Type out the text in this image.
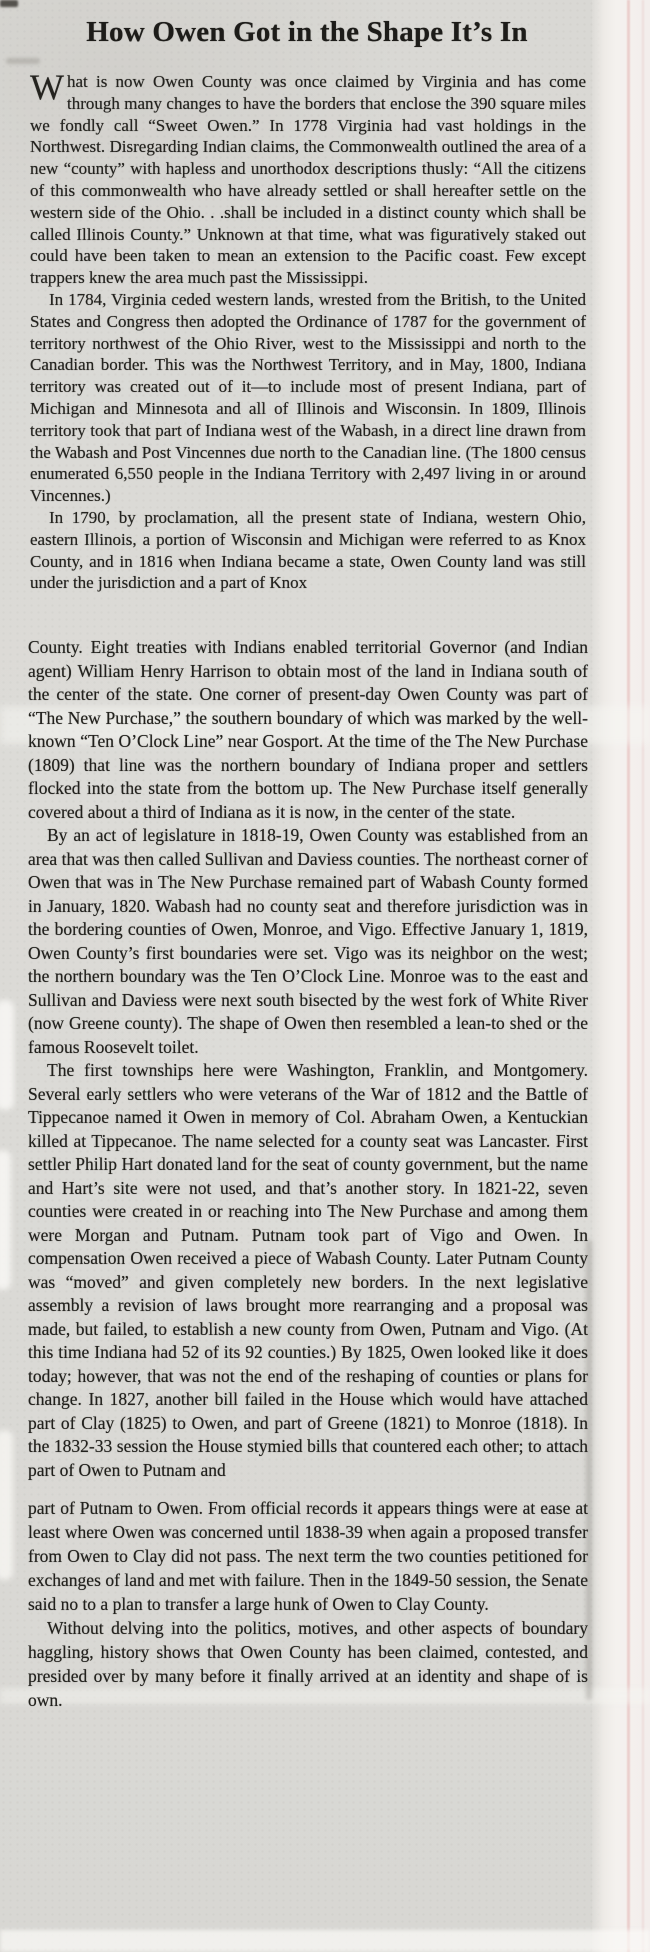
How Owen Got in the Shape It’s In

What is now Owen County was once claimed by Virginia and has come through many changes to have the borders that enclose the 390 square miles we fondly call “Sweet Owen.” In 1778 Virginia had vast holdings in the Northwest. Disregarding Indian claims, the Commonwealth outlined the area of a new “county” with hapless and unorthodox descriptions thusly: “All the citizens of this commonwealth who have already settled or shall hereafter settle on the western side of the Ohio. . .shall be included in a distinct county which shall be called Illinois County.” Unknown at that time, what was figuratively staked out could have been taken to mean an extension to the Pacific coast. Few except trappers knew the area much past the Mississippi.

In 1784, Virginia ceded western lands, wrested from the British, to the United States and Congress then adopted the Ordinance of 1787 for the government of territory northwest of the Ohio River, west to the Mississippi and north to the Canadian border. This was the Northwest Territory, and in May, 1800, Indiana territory was created out of it—to include most of present Indiana, part of Michigan and Minnesota and all of Illinois and Wisconsin. In 1809, Illinois territory took that part of Indiana west of the Wabash, in a direct line drawn from the Wabash and Post Vincennes due north to the Canadian line. (The 1800 census enumerated 6,550 people in the Indiana Territory with 2,497 living in or around Vincennes.)

In 1790, by proclamation, all the present state of Indiana, western Ohio, eastern Illinois, a portion of Wisconsin and Michigan were referred to as Knox County, and in 1816 when Indiana became a state, Owen County land was still under the jurisdiction and a part of Knox

County. Eight treaties with Indians enabled territorial Governor (and Indian agent) William Henry Harrison to obtain most of the land in Indiana south of the center of the state. One corner of present-day Owen County was part of “The New Purchase,” the southern boundary of which was marked by the well-known “Ten O’Clock Line” near Gosport. At the time of the The New Purchase (1809) that line was the northern boundary of Indiana proper and settlers flocked into the state from the bottom up. The New Purchase itself generally covered about a third of Indiana as it is now, in the center of the state.

By an act of legislature in 1818-19, Owen County was established from an area that was then called Sullivan and Daviess counties. The northeast corner of Owen that was in The New Purchase remained part of Wabash County formed in January, 1820. Wabash had no county seat and therefore jurisdiction was in the bordering counties of Owen, Monroe, and Vigo. Effective January 1, 1819, Owen County’s first boundaries were set. Vigo was its neighbor on the west; the northern boundary was the Ten O’Clock Line. Monroe was to the east and Sullivan and Daviess were next south bisected by the west fork of White River (now Greene county). The shape of Owen then resembled a lean-to shed or the famous Roosevelt toilet.

The first townships here were Washington, Franklin, and Montgomery. Several early settlers who were veterans of the War of 1812 and the Battle of Tippecanoe named it Owen in memory of Col. Abraham Owen, a Kentuckian killed at Tippecanoe. The name selected for a county seat was Lancaster. First settler Philip Hart donated land for the seat of county government, but the name and Hart’s site were not used, and that’s another story. In 1821-22, seven counties were created in or reaching into The New Purchase and among them were Morgan and Putnam. Putnam took part of Vigo and Owen. In compensation Owen received a piece of Wabash County. Later Putnam County was “moved” and given completely new borders. In the next legislative assembly a revision of laws brought more rearranging and a proposal was made, but failed, to establish a new county from Owen, Putnam and Vigo. (At this time Indiana had 52 of its 92 counties.) By 1825, Owen looked like it does today; however, that was not the end of the reshaping of counties or plans for change. In 1827, another bill failed in the House which would have attached part of Clay (1825) to Owen, and part of Greene (1821) to Monroe (1818). In the 1832-33 session the House stymied bills that countered each other; to attach part of Owen to Putnam and

part of Putnam to Owen. From official records it appears things were at ease at least where Owen was concerned until 1838-39 when again a proposed transfer from Owen to Clay did not pass. The next term the two counties petitioned for exchanges of land and met with failure. Then in the 1849-50 session, the Senate said no to a plan to transfer a large hunk of Owen to Clay County.

Without delving into the politics, motives, and other aspects of boundary haggling, history shows that Owen County has been claimed, contested, and presided over by many before it finally arrived at an identity and shape of is own.
